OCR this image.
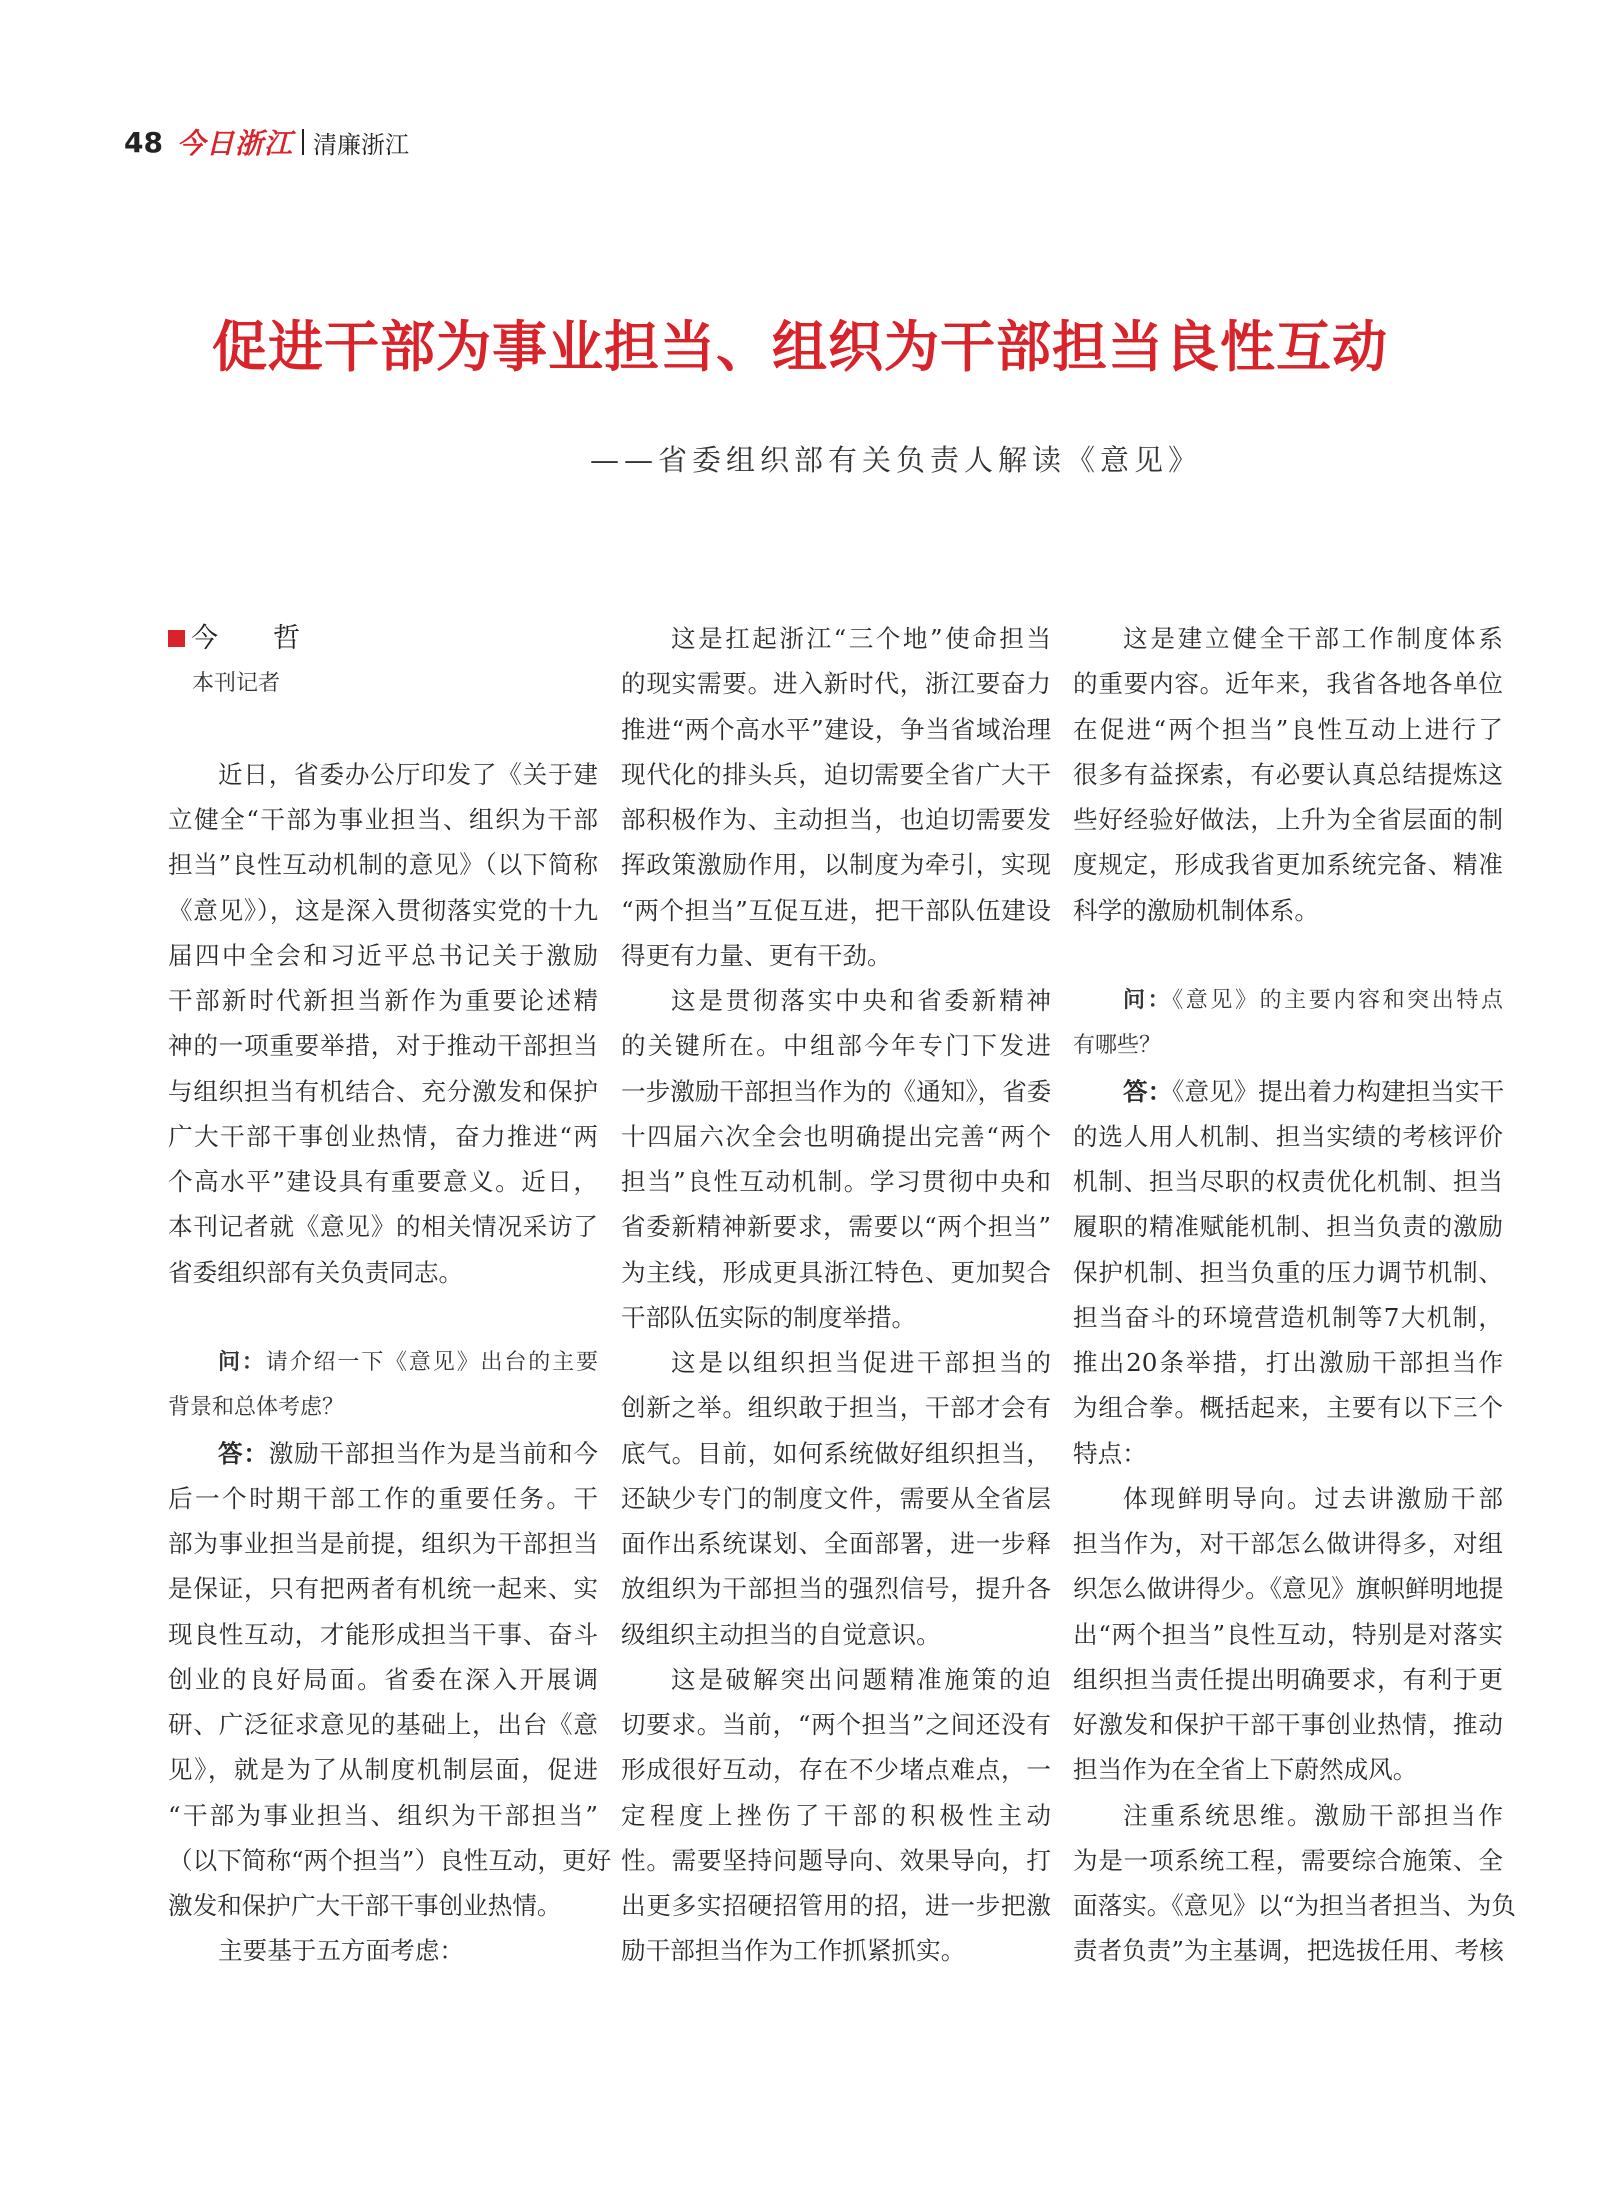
48 今日浙江 清廉浙江
促进干部为事业担当、组织为干部担当良性互动
——省委组织部有关负责人解读《意见》
今　哲
本刊记者
近日，省委办公厅印发了《关于建
立健全“干部为事业担当、组织为干部
担当”良性互动机制的意见》（以下简称
《意见》），这是深入贯彻落实党的十九
届四中全会和习近平总书记关于激励
干部新时代新担当新作为重要论述精
神的一项重要举措，对于推动干部担当
与组织担当有机结合、充分激发和保护
广大干部干事创业热情，奋力推进“两
个高水平”建设具有重要意义。近日，
本刊记者就《意见》的相关情况采访了
省委组织部有关负责同志。
问：请介绍一下《意见》出台的主要
背景和总体考虑？
答：激励干部担当作为是当前和今
后一个时期干部工作的重要任务。干
部为事业担当是前提，组织为干部担当
是保证，只有把两者有机统一起来、实
现良性互动，才能形成担当干事、奋斗
创业的良好局面。省委在深入开展调
研、广泛征求意见的基础上，出台《意
见》，就是为了从制度机制层面，促进
“干部为事业担当、组织为干部担当”
（以下简称“两个担当”）良性互动，更好
激发和保护广大干部干事创业热情。
主要基于五方面考虑：
这是扛起浙江“三个地”使命担当
的现实需要。进入新时代，浙江要奋力
推进“两个高水平”建设，争当省域治理
现代化的排头兵，迫切需要全省广大干
部积极作为、主动担当，也迫切需要发
挥政策激励作用，以制度为牵引，实现
“两个担当”互促互进，把干部队伍建设
得更有力量、更有干劲。
这是贯彻落实中央和省委新精神
的关键所在。中组部今年专门下发进
一步激励干部担当作为的《通知》，省委
十四届六次全会也明确提出完善“两个
担当”良性互动机制。学习贯彻中央和
省委新精神新要求，需要以“两个担当”
为主线，形成更具浙江特色、更加契合
干部队伍实际的制度举措。
这是以组织担当促进干部担当的
创新之举。组织敢于担当，干部才会有
底气。目前，如何系统做好组织担当，
还缺少专门的制度文件，需要从全省层
面作出系统谋划、全面部署，进一步释
放组织为干部担当的强烈信号，提升各
级组织主动担当的自觉意识。
这是破解突出问题精准施策的迫
切要求。当前，“两个担当”之间还没有
形成很好互动，存在不少堵点难点，一
定程度上挫伤了干部的积极性主动
性。需要坚持问题导向、效果导向，打
出更多实招硬招管用的招，进一步把激
励干部担当作为工作抓紧抓实。
这是建立健全干部工作制度体系
的重要内容。近年来，我省各地各单位
在促进“两个担当”良性互动上进行了
很多有益探索，有必要认真总结提炼这
些好经验好做法，上升为全省层面的制
度规定，形成我省更加系统完备、精准
科学的激励机制体系。
问：《意见》的主要内容和突出特点
有哪些？
答：《意见》提出着力构建担当实干
的选人用人机制、担当实绩的考核评价
机制、担当尽职的权责优化机制、担当
履职的精准赋能机制、担当负责的激励
保护机制、担当负重的压力调节机制、
担当奋斗的环境营造机制等7大机制，
推出20条举措，打出激励干部担当作
为组合拳。概括起来，主要有以下三个
特点：
体现鲜明导向。过去讲激励干部
担当作为，对干部怎么做讲得多，对组
织怎么做讲得少。《意见》旗帜鲜明地提
出“两个担当”良性互动，特别是对落实
组织担当责任提出明确要求，有利于更
好激发和保护干部干事创业热情，推动
担当作为在全省上下蔚然成风。
注重系统思维。激励干部担当作
为是一项系统工程，需要综合施策、全
面落实。《意见》以“为担当者担当、为负
责者负责”为主基调，把选拔任用、考核
